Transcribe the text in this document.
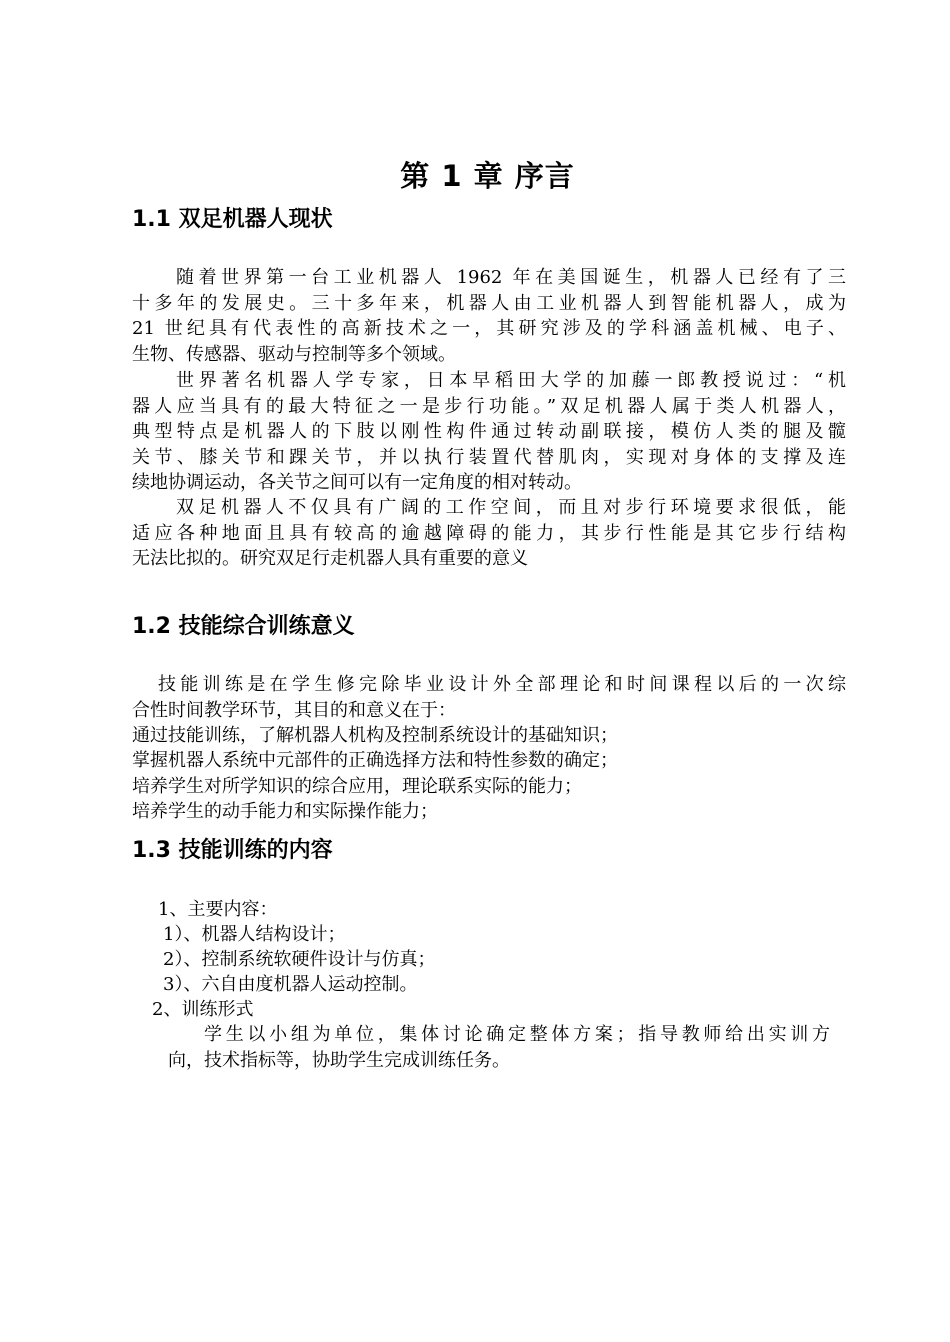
第 1 章 序言
1.1 双足机器人现状
随着世界第一台工业机器人 1962 年在美国诞生，机器人已经有了三
十多年的发展史。三十多年来，机器人由工业机器人到智能机器人，成为
21 世纪具有代表性的高新技术之一，其研究涉及的学科涵盖机械、电子、
生物、传感器、驱动与控制等多个领域。
世界著名机器人学专家，日本早稻田大学的加藤一郎教授说过：“机
器人应当具有的最大特征之一是步行功能。”双足机器人属于类人机器人，
典型特点是机器人的下肢以刚性构件通过转动副联接，模仿人类的腿及髋
关节、膝关节和踝关节，并以执行装置代替肌肉，实现对身体的支撑及连
续地协调运动，各关节之间可以有一定角度的相对转动。
双足机器人不仅具有广阔的工作空间，而且对步行环境要求很低，能
适应各种地面且具有较高的逾越障碍的能力，其步行性能是其它步行结构
无法比拟的。研究双足行走机器人具有重要的意义
1.2 技能综合训练意义
技能训练是在学生修完除毕业设计外全部理论和时间课程以后的一次综
合性时间教学环节，其目的和意义在于：
通过技能训练，了解机器人机构及控制系统设计的基础知识；
掌握机器人系统中元部件的正确选择方法和特性参数的确定；
培养学生对所学知识的综合应用，理论联系实际的能力；
培养学生的动手能力和实际操作能力；
1.3 技能训练的内容
1、主要内容：
1）、机器人结构设计；
2）、控制系统软硬件设计与仿真；
3）、六自由度机器人运动控制。
2、训练形式
学生以小组为单位，集体讨论确定整体方案；指导教师给出实训方
向，技术指标等，协助学生完成训练任务。
